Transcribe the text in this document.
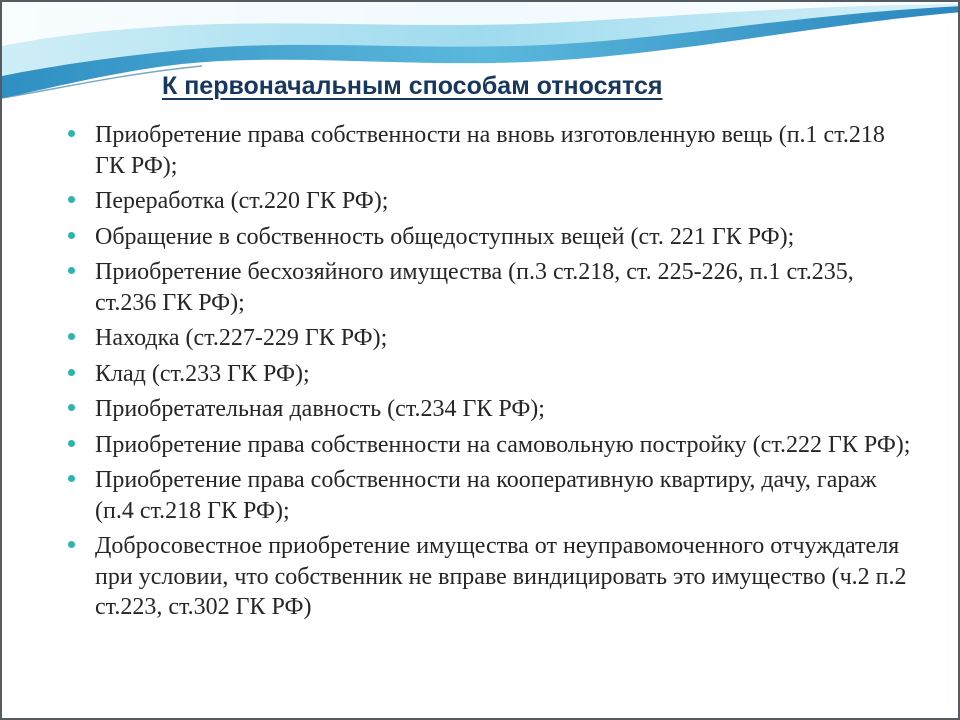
К первоначальным способам относятся
Приобретение права собственности на вновь изготовленную вещь (п.1 ст.218 ГК РФ);
Переработка (ст.220 ГК РФ);
Обращение в собственность общедоступных вещей (ст. 221 ГК РФ);
Приобретение бесхозяйного имущества (п.3 ст.218, ст. 225-226, п.1 ст.235, ст.236 ГК РФ);
Находка (ст.227-229 ГК РФ);
Клад (ст.233 ГК РФ);
Приобретательная давность (ст.234 ГК РФ);
Приобретение права собственности на самовольную постройку (ст.222 ГК РФ);
Приобретение права собственности на кооперативную квартиру, дачу, гараж (п.4 ст.218 ГК РФ);
Добросовестное приобретение имущества от неуправомоченного отчуждателя при условии, что собственник не вправе виндицировать это имущество (ч.2 п.2 ст.223, ст.302 ГК РФ)
